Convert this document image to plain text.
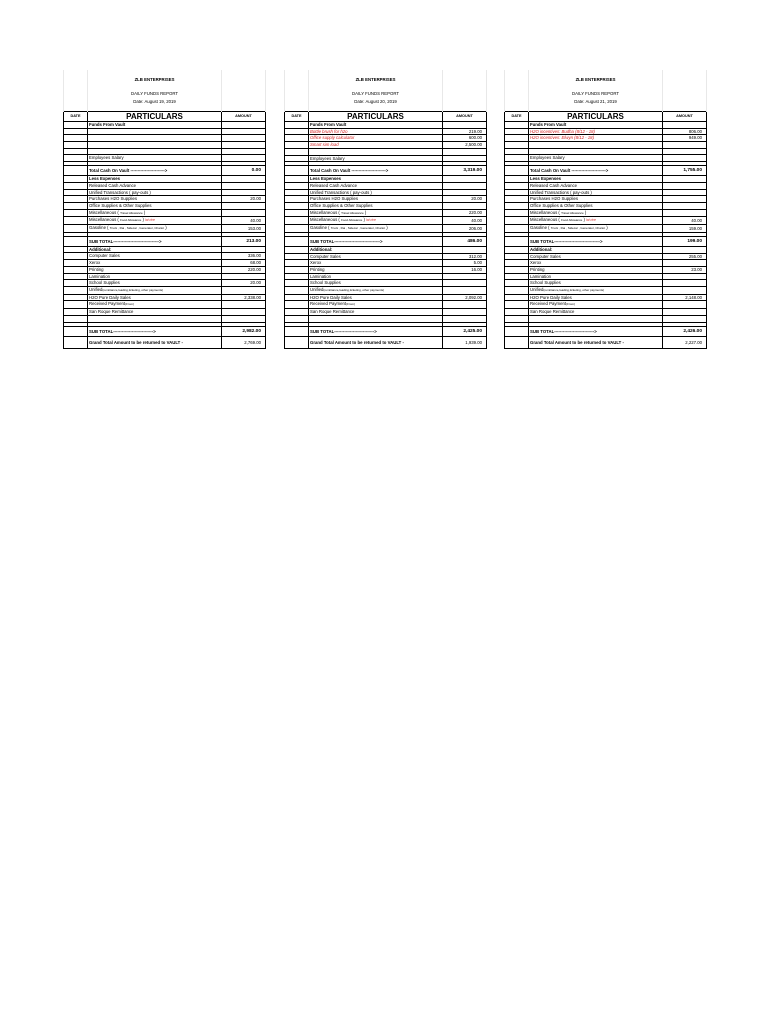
	ZLB ENTERPRISES	
	DAILY FUNDS REPORT	
	Date: August 19, 2019	

DATE	PARTICULARS	AMOUNT
	Funds From Vault	

	Employees Salary	

	Total Cash On Vault ------------------------>	0.00
	Less Expenses	
	Released Cash Advance	
	Unified Transactions ( pay-outs )	
	Purchases H2O Supplies	20.00
	Office Supplies & Other Supplies	
	Miscellaneous ( Travel Allowance )	
	Miscellaneous ( Food Allowance ) lot rice	40.00
	Gasoline ( Truck , Rai , Sidecar , Generator, Chariot )	153.00

	SUB TOTAL-------------------------------->	213.00
	Additional:	
	Computer Sales	336.00
	Xerox	68.00
	Printing	220.00
	Lamination	
	School Supplies	20.00
	Unified(remittance,loading,ticketing, other payments)	
	H2O Pure Daily Sales	2,338.00
	Received Payment(From)	
	San Roque Remittance	

	SUB TOTAL---------------------------->	2,982.00
	Grand Total Amount to be returned to VAULT -	2,769.00
	ZLB ENTERPRISES	
	DAILY FUNDS REPORT	
	Date: August 20, 2019	

DATE	PARTICULARS	AMOUNT
	Funds From Vault	
	Bottle brush for h2o	219.00
	Office supply calculator	600.00
	Smart sim load	2,500.00

	Employees Salary	

	Total Cash On Vault ------------------------>	3,319.00
	Less Expenses	
	Released Cash Advance	
	Unified Transactions ( pay-outs )	
	Purchases H2O Supplies	20.00
	Office Supplies & Other Supplies	
	Miscellaneous ( Travel Allowance )	220.00
	Miscellaneous ( Food Allowance ) lot rice	40.00
	Gasoline ( Truck , Rai , Sidecar , Generator, Chariot )	206.00

	SUB TOTAL-------------------------------->	486.00
	Additional:	
	Computer Sales	312.00
	Xerox	5.00
	Printing	16.00
	Lamination	
	School Supplies	
	Unified(remittance,loading,ticketing, other payments)	
	H2O Pure Daily Sales	2,092.00
	Received Payment(From)	
	San Roque Remittance	

	SUB TOTAL---------------------------->	2,425.00
	Grand Total Amount to be returned to VAULT -	1,939.00
	ZLB ENTERPRISES	
	DAILY FUNDS REPORT	
	Date: August 21, 2019	

DATE	PARTICULARS	AMOUNT
	Funds From Vault	
	H2O incentives: Budha (8/12 - 18)	806.00
	H2O incentives: Elwyn (8/12 - 18)	949.00

	Employees Salary	

	Total Cash On Vault ------------------------>	1,755.00
	Less Expenses	
	Released Cash Advance	
	Unified Transactions ( pay-outs )	
	Purchases H2O Supplies	
	Office Supplies & Other Supplies	
	Miscellaneous ( Travel Allowance )	
	Miscellaneous ( Food Allowance ) lot rice	40.00
	Gasoline ( Truck , Rai , Sidecar , Generator, Chariot )	159.00

	SUB TOTAL-------------------------------->	199.00
	Additional:	
	Computer Sales	255.00
	Xerox	
	Printing	23.00
	Lamination	
	School Supplies	
	Unified(remittance,loading,ticketing, other payments)	
	H2O Pure Daily Sales	2,148.00
	Received Payment(From)	
	San Roque Remittance	

	SUB TOTAL---------------------------->	2,426.00
	Grand Total Amount to be returned to VAULT -	2,227.00
